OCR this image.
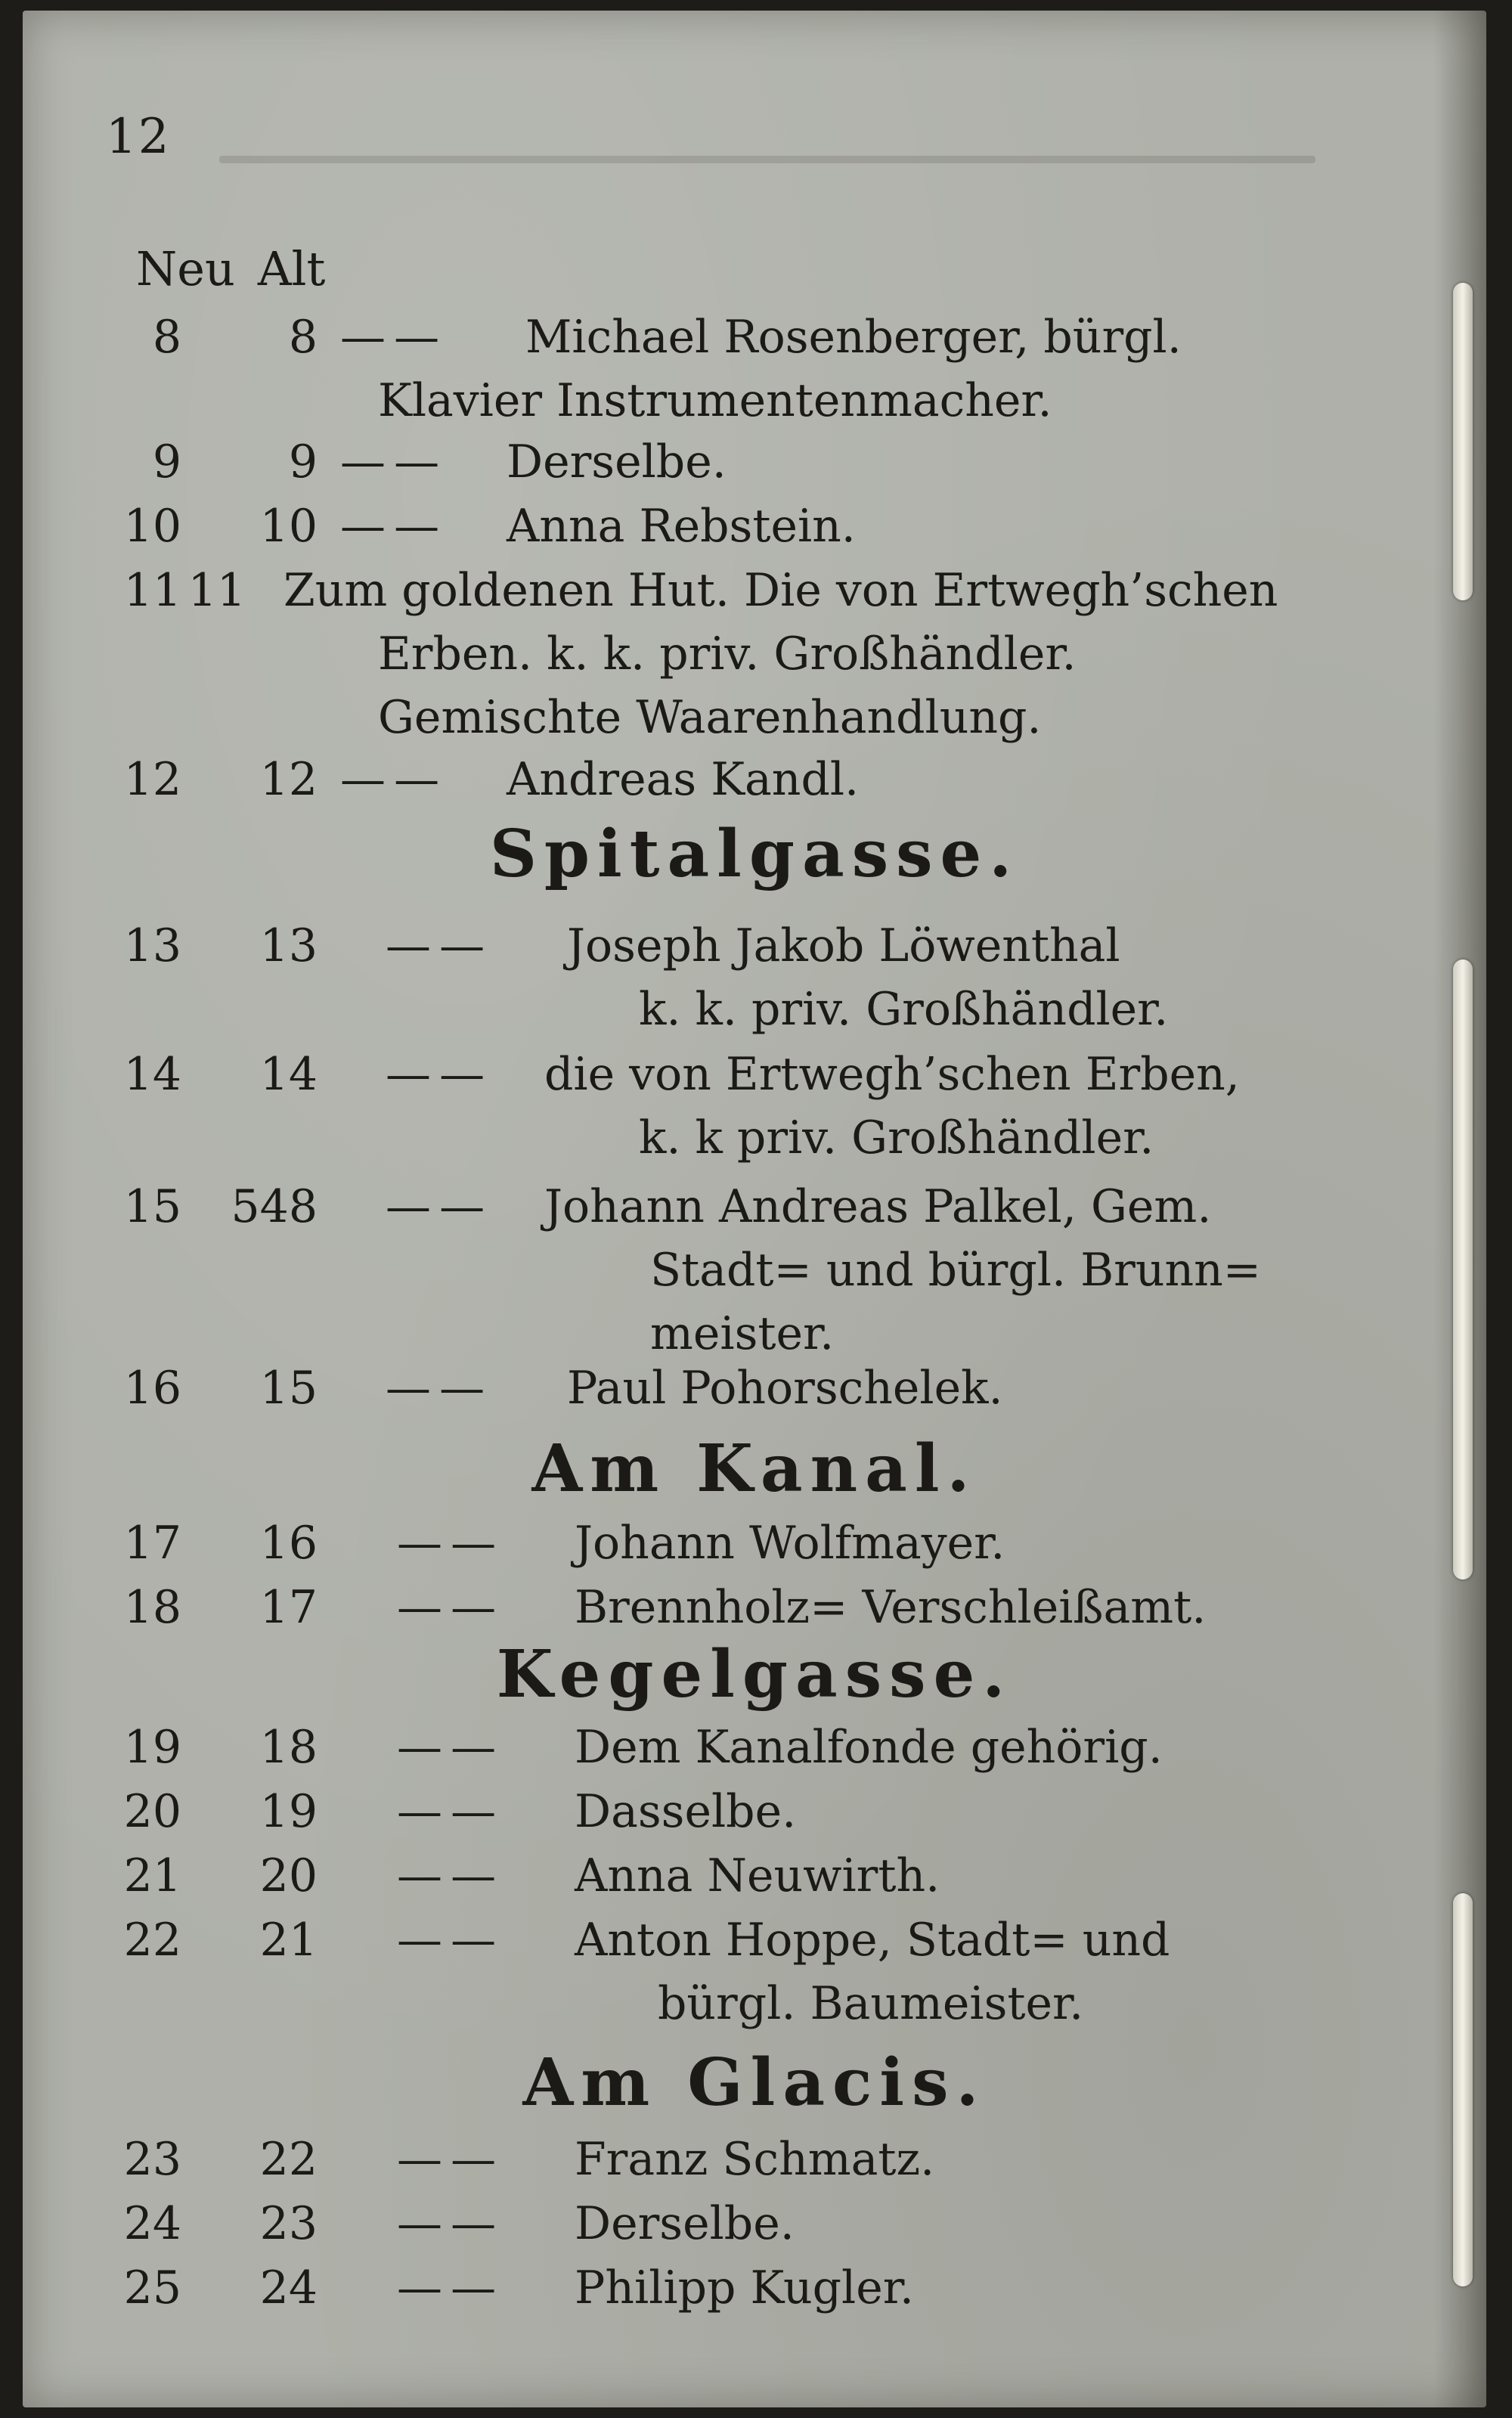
12
Neu Alt
8	8 — —	Michael Rosenberger, bürgl.
Klavier Instrumentenmacher.
9	9 — —	Derselbe.
10	10 — —	Anna Rebstein.
11 11 Zum goldenen Hut. Die von Ertwegh’schen
Erben. k. k. priv. Großhändler.
Gemischte Waarenhandlung.
12	12 — —	Andreas Kandl.
Spitalgasse.
13	13 — —	Joseph Jakob Löwenthal
k. k. priv. Großhändler.
14	14 — —	die von Ertwegh’schen Erben,
k. k priv. Großhändler.
15	548 — —	Johann Andreas Palkel, Gem.
Stadt= und bürgl. Brunn=
meister.
16	15 — —	Paul Pohorschelek.
Am Kanal.
17	16 — —	Johann Wolfmayer.
18	17 — —	Brennholz= Verschleißamt.
Kegelgasse.
19	18 — —	Dem Kanalfonde gehörig.
20	19 — —	Dasselbe.
21	20 — —	Anna Neuwirth.
22	21 — —	Anton Hoppe, Stadt= und
bürgl. Baumeister.
Am Glacis.
23	22 — —	Franz Schmatz.
24	23 — —	Derselbe.
25	24 — —	Philipp Kugler.
